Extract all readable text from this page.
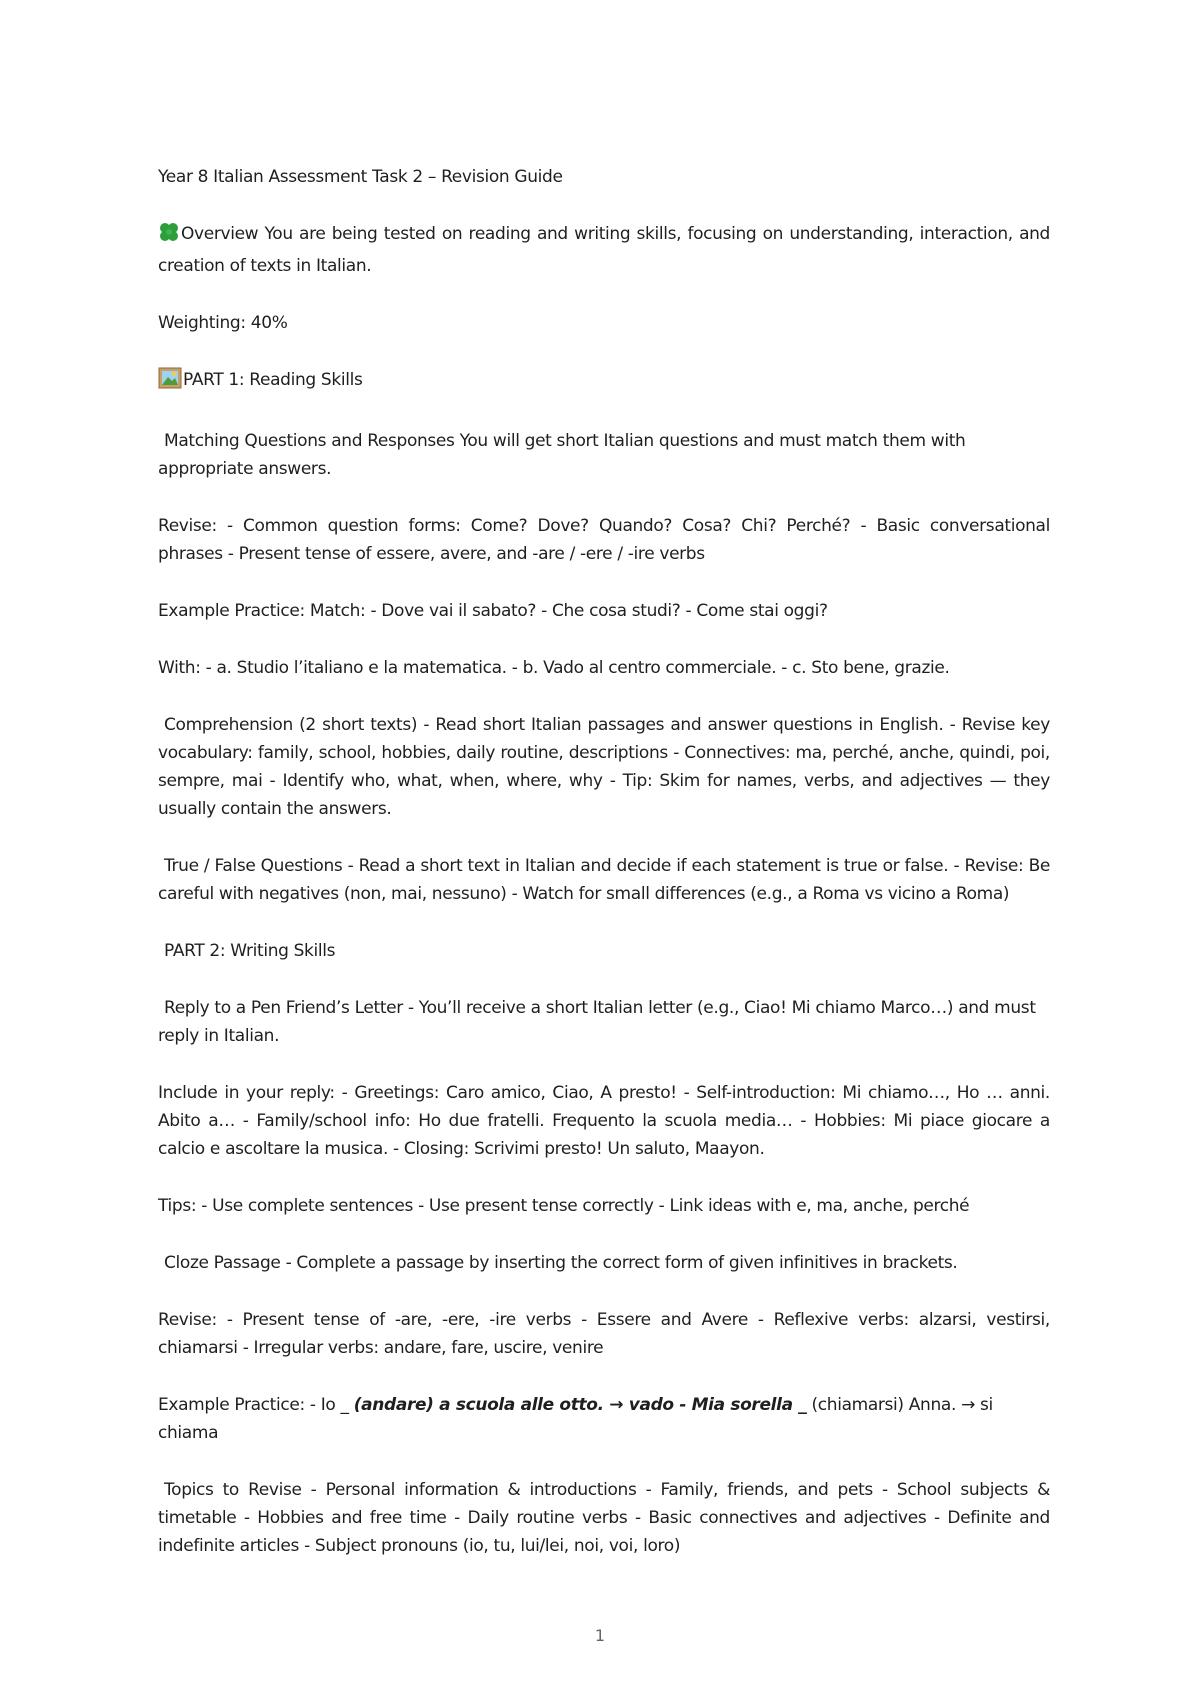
Year 8 Italian Assessment Task 2 – Revision Guide

Overview You are being tested on reading and writing skills, focusing on understanding, interaction, and creation of texts in Italian.

Weighting: 40%

PART 1: Reading Skills

Matching Questions and Responses You will get short Italian questions and must match them with appropriate answers.

Revise: - Common question forms: Come? Dove? Quando? Cosa? Chi? Perché? - Basic conversational phrases - Present tense of essere, avere, and -are / -ere / -ire verbs

Example Practice: Match: - Dove vai il sabato? - Che cosa studi? - Come stai oggi?

With: - a. Studio l’italiano e la matematica. - b. Vado al centro commerciale. - c. Sto bene, grazie.

Comprehension (2 short texts) - Read short Italian passages and answer questions in English. - Revise key vocabulary: family, school, hobbies, daily routine, descriptions - Connectives: ma, perché, anche, quindi, poi, sempre, mai - Identify who, what, when, where, why - Tip: Skim for names, verbs, and adjectives — they usually contain the answers.

True / False Questions - Read a short text in Italian and decide if each statement is true or false. - Revise: Be careful with negatives (non, mai, nessuno) - Watch for small differences (e.g., a Roma vs vicino a Roma)

PART 2: Writing Skills

Reply to a Pen Friend’s Letter - You’ll receive a short Italian letter (e.g., Ciao! Mi chiamo Marco…) and must reply in Italian.

Include in your reply: - Greetings: Caro amico, Ciao, A presto! - Self-introduction: Mi chiamo…, Ho … anni. Abito a… - Family/school info: Ho due fratelli. Frequento la scuola media… - Hobbies: Mi piace giocare a calcio e ascoltare la musica. - Closing: Scrivimi presto! Un saluto, Maayon.

Tips: - Use complete sentences - Use present tense correctly - Link ideas with e, ma, anche, perché

Cloze Passage - Complete a passage by inserting the correct form of given infinitives in brackets.

Revise: - Present tense of -are, -ere, -ire verbs - Essere and Avere - Reflexive verbs: alzarsi, vestirsi, chiamarsi - Irregular verbs: andare, fare, uscire, venire

Example Practice: - Io _ (andare) a scuola alle otto. → vado - Mia sorella _ (chiamarsi) Anna. → si chiama

Topics to Revise - Personal information & introductions - Family, friends, and pets - School subjects & timetable - Hobbies and free time - Daily routine verbs - Basic connectives and adjectives - Definite and indefinite articles - Subject pronouns (io, tu, lui/lei, noi, voi, loro)

1
